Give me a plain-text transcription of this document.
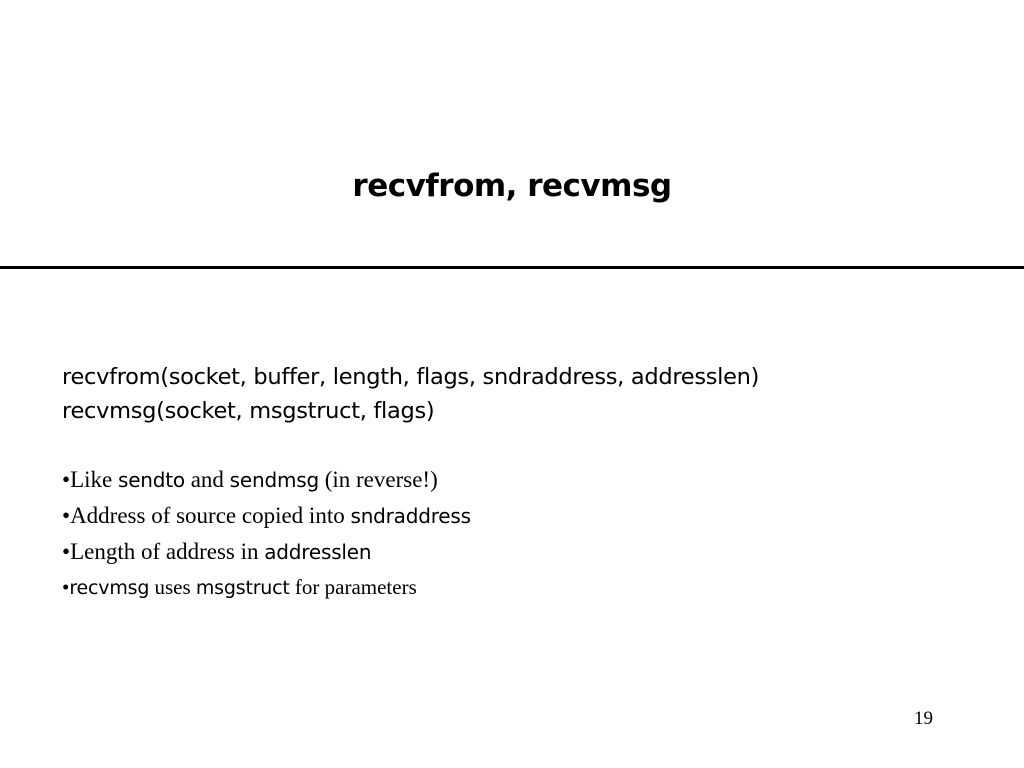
recvfrom, recvmsg
recvfrom(socket, buffer, length, flags, sndraddress, addresslen)
recvmsg(socket, msgstruct, flags)
•Like sendto and sendmsg (in reverse!)
•Address of source copied into sndraddress
•Length of address in addresslen
•recvmsg uses msgstruct for parameters
19
